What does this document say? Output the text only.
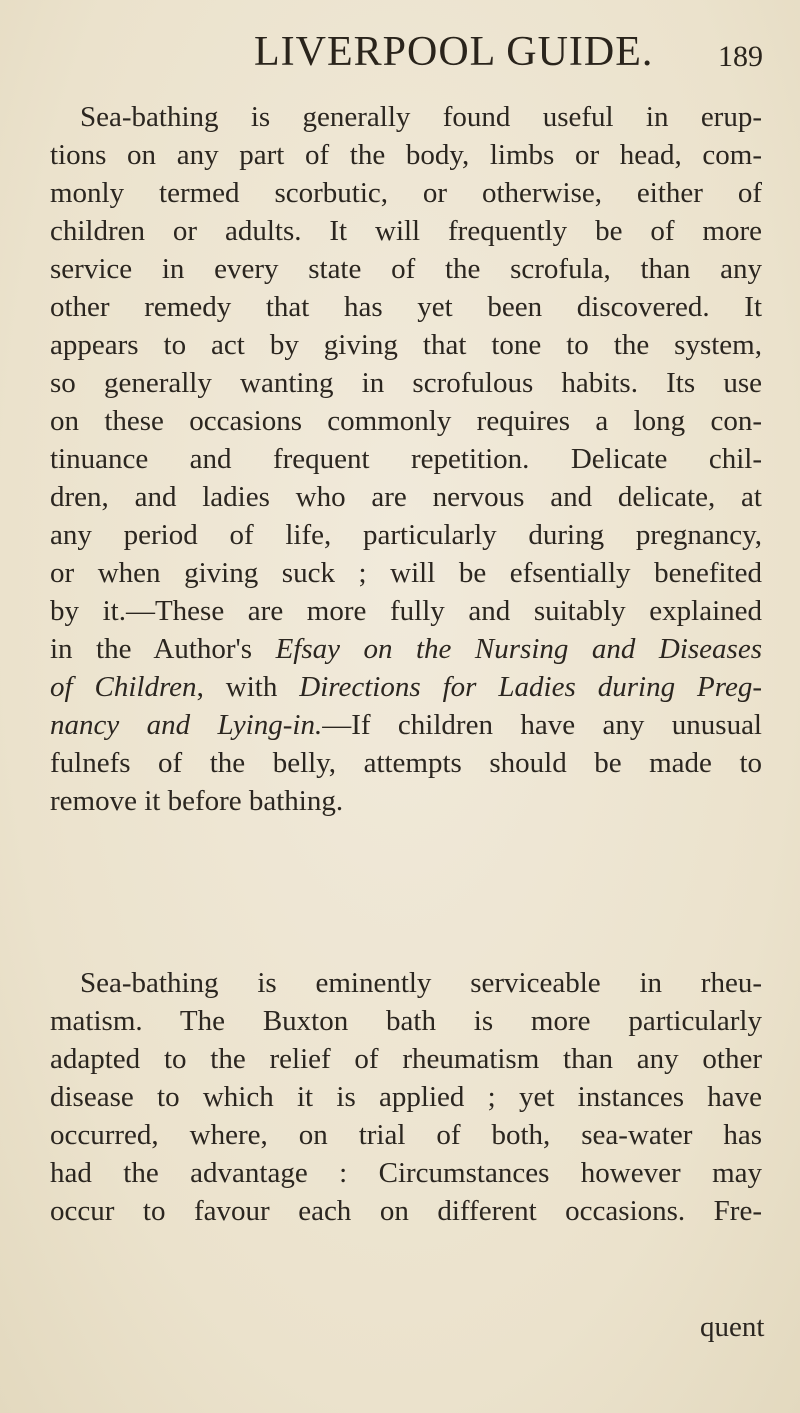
LIVERPOOL GUIDE. 189
Sea-bathing is generally found useful in erup-
tions on any part of the body, limbs or head, com-
monly termed scorbutic, or otherwise, either of
children or adults. It will frequently be of more
service in every state of the scrofula, than any
other remedy that has yet been discovered. It
appears to act by giving that tone to the system,
so generally wanting in scrofulous habits. Its use
on these occasions commonly requires a long con-
tinuance and frequent repetition. Delicate chil-
dren, and ladies who are nervous and delicate, at
any period of life, particularly during pregnancy,
or when giving suck ; will be efsentially benefited
by it.—These are more fully and suitably explained
in the Author's Efsay on the Nursing and Diseases
of Children, with Directions for Ladies during Preg-
nancy and Lying-in.—If children have any unusual
fulnefs of the belly, attempts should be made to
remove it before bathing.
Sea-bathing is eminently serviceable in rheu-
matism. The Buxton bath is more particularly
adapted to the relief of rheumatism than any other
disease to which it is applied ; yet instances have
occurred, where, on trial of both, sea-water has
had the advantage : Circumstances however may
occur to favour each on different occasions. Fre-
quent
